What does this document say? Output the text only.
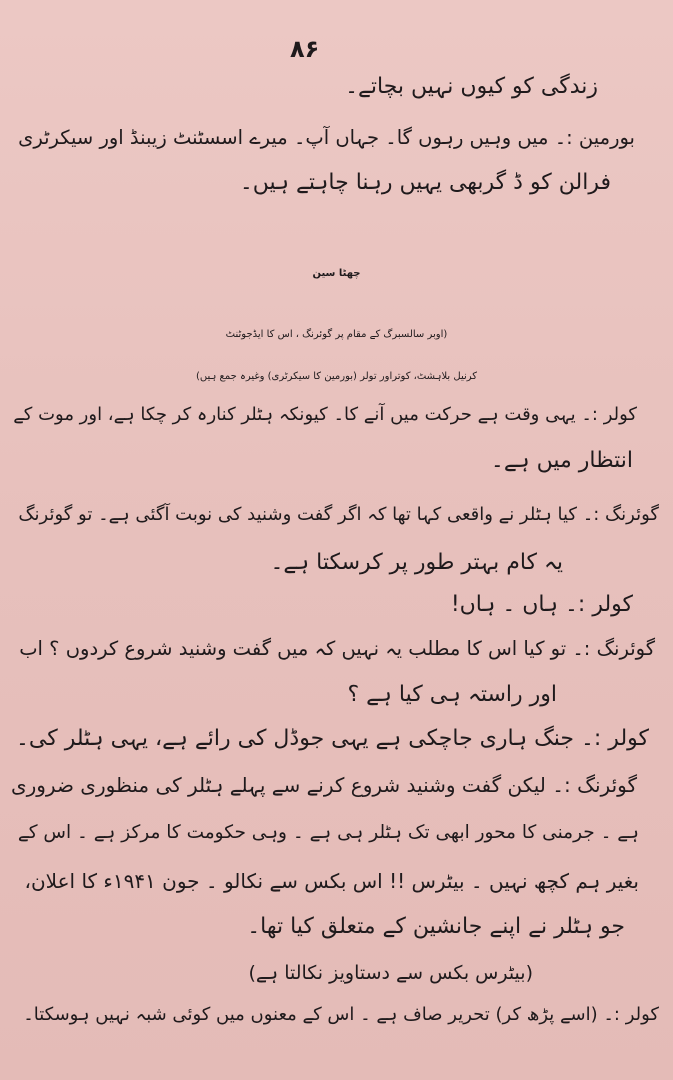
۸۶
زندگی کو کیوں نہیں بچاتے۔
بورمین :۔ میں وہیں رہوں گا۔ جہاں آپ۔ میرے اسسٹنٹ زیبنڈ اور سیکرٹری
فرالن کو ڈ گربھی یہیں رہنا چاہتے ہیں۔
چھٹا سین
(اوبر سالسبرگ کے مقام پر گوئرنگ ، اس کا ایڈجوٹنٹ
کرنیل بلاہشٹ، کوتراور تولر (بورمین کا سیکرٹری) وغیرہ جمع ہیں)
کولر :۔ یہی وقت ہے حرکت میں آنے کا۔ کیونکہ ہٹلر کنارہ کر چکا ہے، اور موت کے
انتظار میں ہے۔
گوئرنگ :۔ کیا ہٹلر نے واقعی کہا تھا کہ اگر گفت وشنید کی نوبت آگئی ہے۔ تو گوئرنگ
یہ کام بہتر طور پر کرسکتا ہے۔
کولر :۔ ہاں ۔ ہاں!
گوئرنگ :۔ تو کیا اس کا مطلب یہ نہیں کہ میں گفت وشنید شروع کردوں ؟ اب
اور راستہ ہی کیا ہے ؟
کولر :۔ جنگ ہاری جاچکی ہے یہی جوڈل کی رائے ہے، یہی ہٹلر کی۔
گوئرنگ :۔ لیکن گفت وشنید شروع کرنے سے پہلے ہٹلر کی منظوری ضروری
ہے ۔ جرمنی کا محور ابھی تک ہٹلر ہی ہے ۔ وہی حکومت کا مرکز ہے ۔ اس کے
بغیر ہم کچھ نہیں ۔ بیٹرس !! اس بکس سے نکالو ۔ جون ۱۹۴۱ء کا اعلان،
جو ہٹلر نے اپنے جانشین کے متعلق کیا تھا۔
(بیٹرس بکس سے دستاویز نکالتا ہے)
کولر :۔ (اسے پڑھ کر) تحریر صاف ہے ۔ اس کے معنوں میں کوئی شبہ نہیں ہوسکتا۔
